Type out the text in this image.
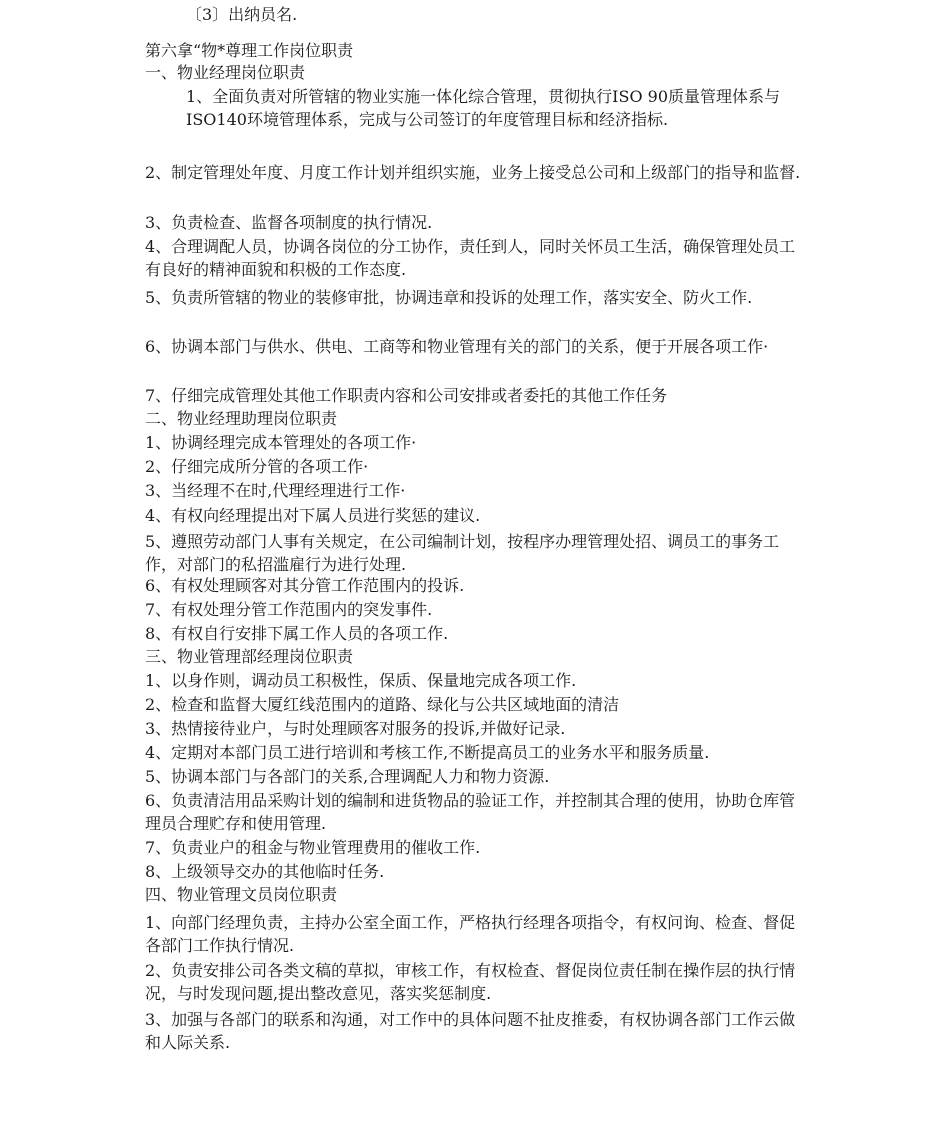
〔3〕出纳员名.

第六拿“物*尊理工作岗位职责

一、物业经理岗位职责

1、全面负责对所管辖的物业实施一体化综合管理，贯彻执行ISO 90质量管理体系与ISO140环境管理体系，完成与公司签订的年度管理目标和经济指标.

2、制定管理处年度、月度工作计划并组织实施，业务上接受总公司和上级部门的指导和监督.

3、负责检查、监督各项制度的执行情况.

4、合理调配人员，协调各岗位的分工协作，责任到人，同时关怀员工生活，确保管理处员工有良好的精神面貌和积极的工作态度.

5、负责所管辖的物业的装修审批，协调违章和投诉的处理工作，落实安全、防火工作.

6、协调本部门与供水、供电、工商等和物业管理有关的部门的关系，便于开展各项工作·

7、仔细完成管理处其他工作职责内容和公司安排或者委托的其他工作任务

二、物业经理助理岗位职责

1、协调经理完成本管理处的各项工作·

2、仔细完成所分管的各项工作·

3、当经理不在时,代理经理进行工作·

4、有权向经理提出对下属人员进行奖惩的建议.

5、遵照劳动部门人事有关规定，在公司编制计划，按程序办理管理处招、调员工的事务工作，对部门的私招滥雇行为进行处理.

6、有权处理顾客对其分管工作范围内的投诉.

7、有权处理分管工作范围内的突发事件.

8、有权自行安排下属工作人员的各项工作.

三、物业管理部经理岗位职责

1、以身作则，调动员工积极性，保质、保量地完成各项工作.

2、检查和监督大厦红线范围内的道路、绿化与公共区域地面的清洁

3、热情接待业户，与时处理顾客对服务的投诉,并做好记录.

4、定期对本部门员工进行培训和考核工作,不断提高员工的业务水平和服务质量.

5、协调本部门与各部门的关系,合理调配人力和物力资源.

6、负责清洁用品采购计划的编制和进货物品的验证工作，并控制其合理的使用，协助仓库管理员合理贮存和使用管理.

7、负责业户的租金与物业管理费用的催收工作.

8、上级领导交办的其他临时任务.

四、物业管理文员岗位职责

1、向部门经理负责，主持办公室全面工作，严格执行经理各项指令，有权问询、检查、督促各部门工作执行情况.

2、负责安排公司各类文稿的草拟，审核工作，有权检查、督促岗位责任制在操作层的执行情况，与时发现问题,提出整改意见，落实奖惩制度.

3、加强与各部门的联系和沟通，对工作中的具体问题不扯皮推委，有权协调各部门工作云做和人际关系.
